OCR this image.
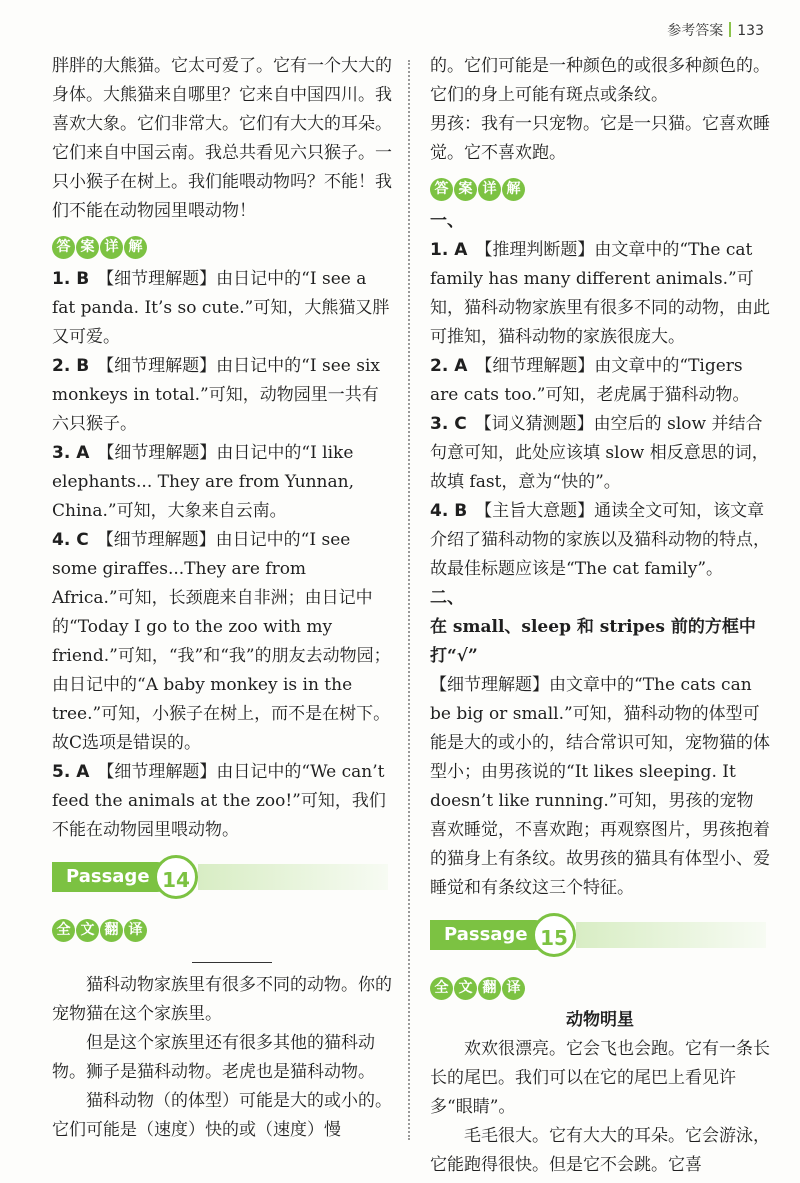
参考答案 133

胖胖的大熊猫。它太可爱了。它有一个大大的身体。大熊猫来自哪里？它来自中国四川。我喜欢大象。它们非常大。它们有大大的耳朵。它们来自中国云南。我总共看见六只猴子。一只小猴子在树上。我们能喂动物吗？不能！我们不能在动物园里喂动物！

答 案 详 解

1. B 【细节理解题】由日记中的“I see a fat panda. It’s so cute.”可知，大熊猫又胖又可爱。

2. B 【细节理解题】由日记中的“I see six monkeys in total.”可知，动物园里一共有六只猴子。

3. A 【细节理解题】由日记中的“I like elephants... They are from Yunnan, China.”可知，大象来自云南。

4. C 【细节理解题】由日记中的“I see some giraffes...They are from Africa.”可知，长颈鹿来自非洲；由日记中的“Today I go to the zoo with my friend.”可知，“我”和“我”的朋友去动物园；由日记中的“A baby monkey is in the tree.”可知，小猴子在树上，而不是在树下。故C选项是错误的。

5. A 【细节理解题】由日记中的“We can’t feed the animals at the zoo!”可知，我们不能在动物园里喂动物。

Passage 14
全 文 翻 译

猫科动物家族里有很多不同的动物。你的宠物猫在这个家族里。

但是这个家族里还有很多其他的猫科动物。狮子是猫科动物。老虎也是猫科动物。

猫科动物（的体型）可能是大的或小的。它们可能是（速度）快的或（速度）慢

的。它们可能是一种颜色的或很多种颜色的。它们的身上可能有斑点或条纹。

男孩：我有一只宠物。它是一只猫。它喜欢睡觉。它不喜欢跑。

答 案 详 解

一、

1. A 【推理判断题】由文章中的“The cat family has many different animals.”可知，猫科动物家族里有很多不同的动物，由此可推知，猫科动物的家族很庞大。

2. A 【细节理解题】由文章中的“Tigers are cats too.”可知，老虎属于猫科动物。

3. C 【词义猜测题】由空后的 slow 并结合句意可知，此处应该填 slow 相反意思的词，故填 fast，意为“快的”。

4. B 【主旨大意题】通读全文可知，该文章介绍了猫科动物的家族以及猫科动物的特点，故最佳标题应该是“The cat family”。

二、

在 small、sleep 和 stripes 前的方框中打“√”

【细节理解题】由文章中的“The cats can be big or small.”可知，猫科动物的体型可能是大的或小的，结合常识可知，宠物猫的体型小；由男孩说的“It likes sleeping. It doesn’t like running.”可知，男孩的宠物喜欢睡觉，不喜欢跑；再观察图片，男孩抱着的猫身上有条纹。故男孩的猫具有体型小、爱睡觉和有条纹这三个特征。

Passage 15
全 文 翻 译

动物明星

欢欢很漂亮。它会飞也会跑。它有一条长长的尾巴。我们可以在它的尾巴上看见许多“眼睛”。

毛毛很大。它有大大的耳朵。它会游泳，它能跑得很快。但是它不会跳。它喜
